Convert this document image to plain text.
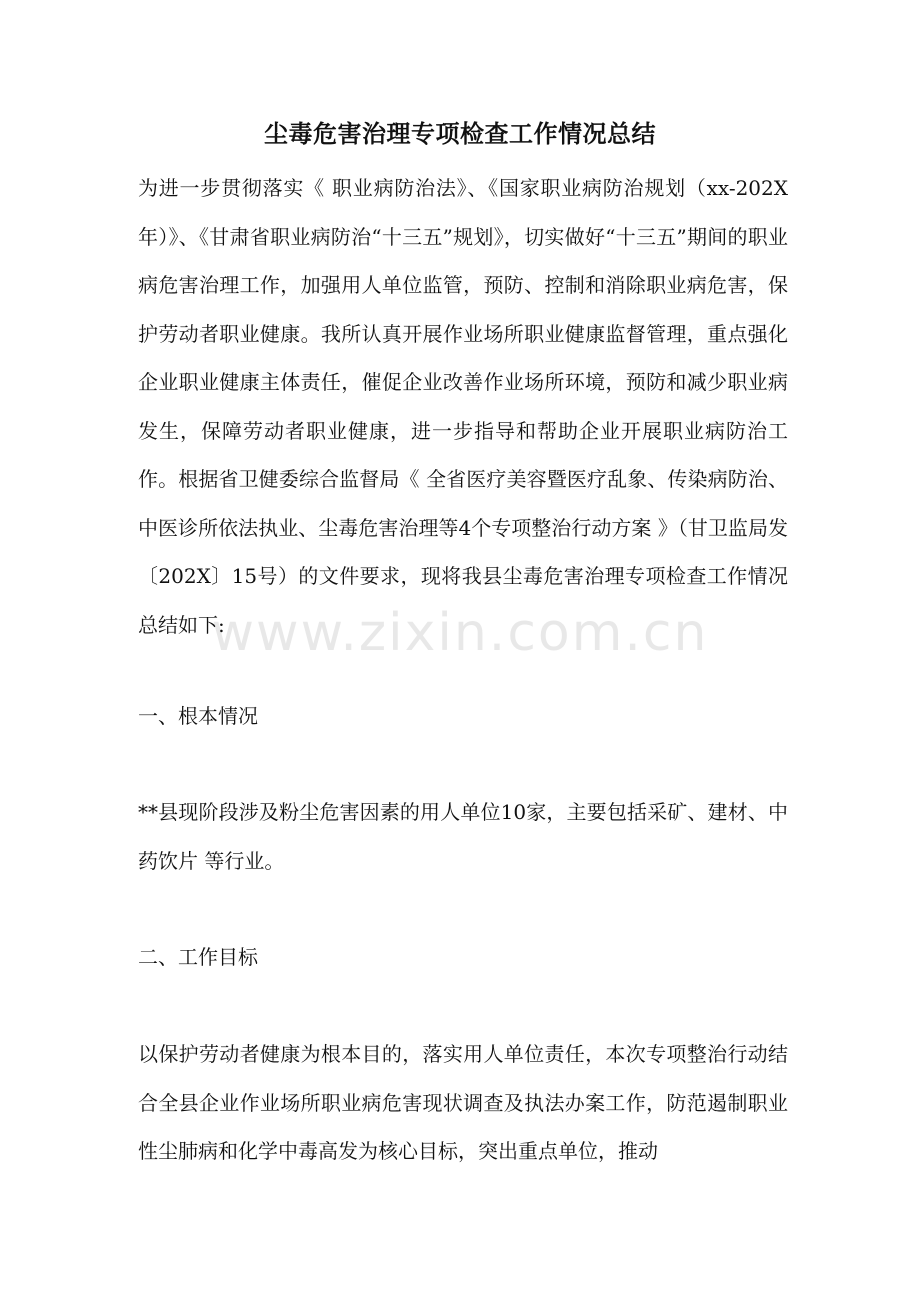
尘毒危害治理专项检查工作情况总结

为进一步贯彻落实《 职业病防治法》、《国家职业病防治规划（xx-202X年）》、《甘肃省职业病防治“十三五”规划》，切实做好“十三五”期间的职业病危害治理工作，加强用人单位监管，预防、控制和消除职业病危害，保护劳动者职业健康。我所认真开展作业场所职业健康监督管理，重点强化企业职业健康主体责任，催促企业改善作业场所环境，预防和减少职业病发生，保障劳动者职业健康，进一步指导和帮助企业开展职业病防治工作。根据省卫健委综合监督局《 全省医疗美容暨医疗乱象、传染病防治、中医诊所依法执业、尘毒危害治理等4个专项整治行动方案 》（甘卫监局发〔202X〕15号）的文件要求，现将我县尘毒危害治理专项检查工作情况总结如下:

一、根本情况

**县现阶段涉及粉尘危害因素的用人单位10家，主要包括采矿、建材、中药饮片 等行业。

二、工作目标

以保护劳动者健康为根本目的，落实用人单位责任，本次专项整治行动结合全县企业作业场所职业病危害现状调查及执法办案工作，防范遏制职业性尘肺病和化学中毒高发为核心目标，突出重点单位，推动

www.zixin.com.cn
